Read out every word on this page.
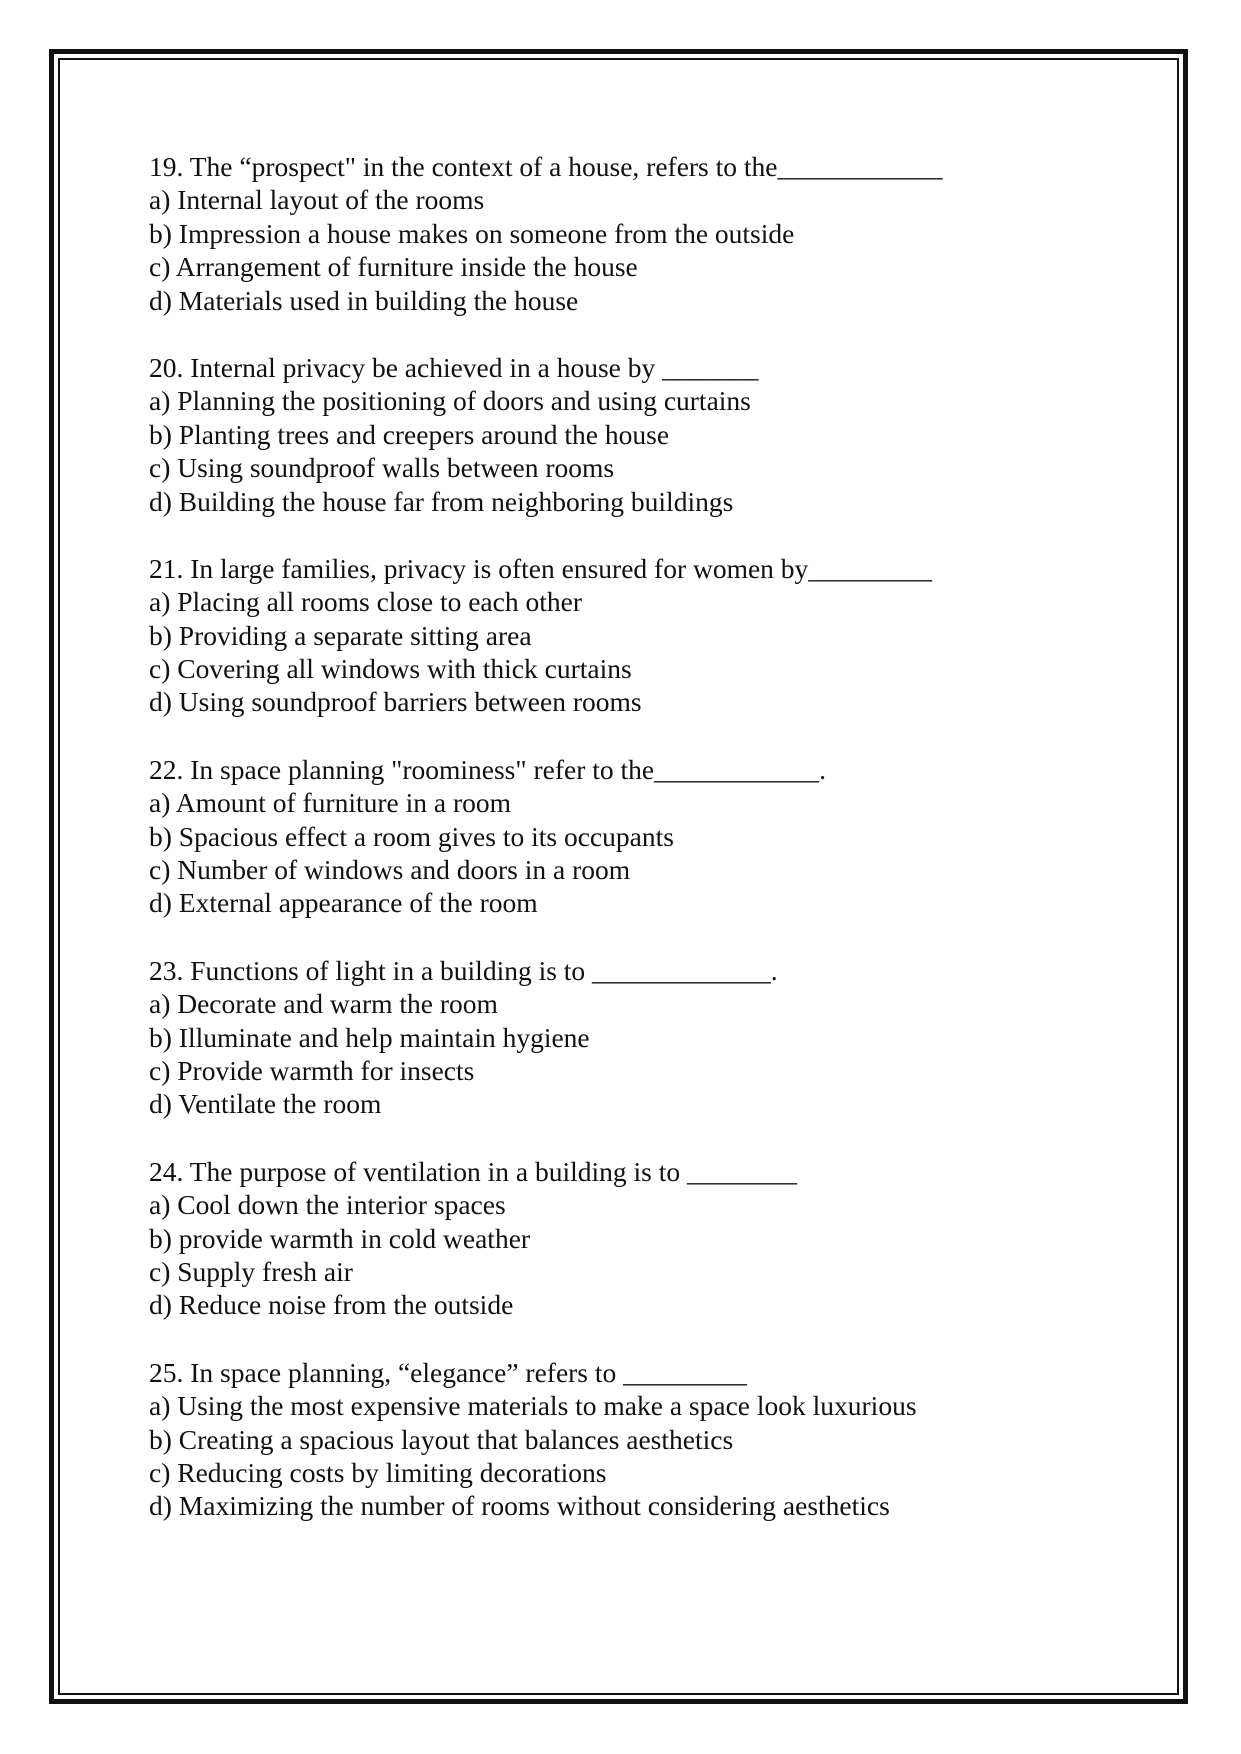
19. The “prospect" in the context of a house, refers to the____________
a) Internal layout of the rooms
b) Impression a house makes on someone from the outside
c) Arrangement of furniture inside the house
d) Materials used in building the house
20. Internal privacy be achieved in a house by _______
a) Planning the positioning of doors and using curtains
b) Planting trees and creepers around the house
c) Using soundproof walls between rooms
d) Building the house far from neighboring buildings
21. In large families, privacy is often ensured for women by_________
a) Placing all rooms close to each other
b) Providing a separate sitting area
c) Covering all windows with thick curtains
d) Using soundproof barriers between rooms
22. In space planning "roominess" refer to the____________.
a) Amount of furniture in a room
b) Spacious effect a room gives to its occupants
c) Number of windows and doors in a room
d) External appearance of the room
23. Functions of light in a building is to _____________.
a) Decorate and warm the room
b) Illuminate and help maintain hygiene
c) Provide warmth for insects
d) Ventilate the room
24. The purpose of ventilation in a building is to ________
a) Cool down the interior spaces
b) provide warmth in cold weather
c) Supply fresh air
d) Reduce noise from the outside
25. In space planning, “elegance” refers to _________
a) Using the most expensive materials to make a space look luxurious
b) Creating a spacious layout that balances aesthetics
c) Reducing costs by limiting decorations
d) Maximizing the number of rooms without considering aesthetics
